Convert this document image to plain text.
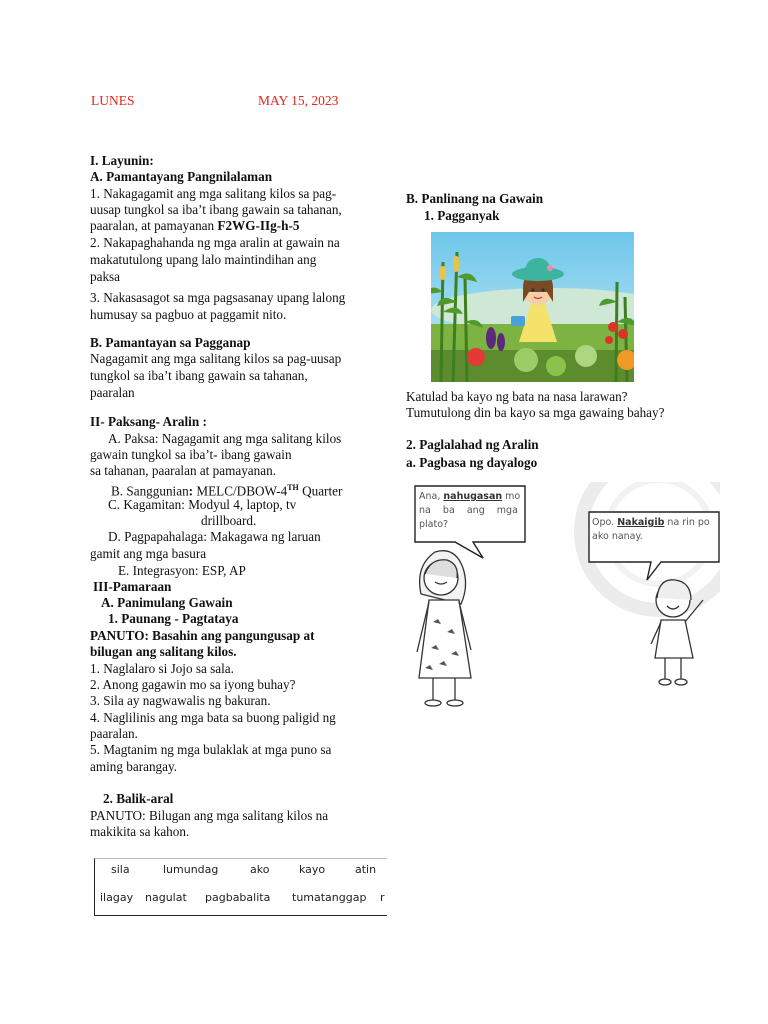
LUNES	MAY 15, 2023
I. Layunin:
A. Pamantayang Pangnilalaman
1. Nakagagamit ang mga salitang kilos sa pag-
uusap tungkol sa iba’t ibang gawain sa tahanan,
paaralan, at pamayanan F2WG-IIg-h-5
2. Nakapaghahanda ng mga aralin at gawain na
makatutulong upang lalo maintindihan ang
paksa
3. Nakasasagot sa mga pagsasanay upang lalong
humusay sa pagbuo at paggamit nito.
B. Pamantayan sa Pagganap
Nagagamit ang mga salitang kilos sa pag-uusap
tungkol sa iba’t ibang gawain sa tahanan,
paaralan
II- Paksang- Aralin :
A. Paksa: Nagagamit ang mga salitang kilos
gawain tungkol sa iba’t- ibang gawain
sa tahanan, paaralan at pamayanan.
B. Sanggunian: MELC/DBOW-4TH Quarter
C. Kagamitan: Modyul 4, laptop, tv
drillboard.
D. Pagpapahalaga: Makagawa ng laruan
gamit ang mga basura
E. Integrasyon: ESP, AP
III-Pamaraan
A. Panimulang Gawain
1. Paunang - Pagtataya
PANUTO: Basahin ang pangungusap at
bilugan ang salitang kilos.
1. Naglalaro si Jojo sa sala.
2. Anong gagawin mo sa iyong buhay?
3. Sila ay nagwawalis ng bakuran.
4. Naglilinis ang mga bata sa buong paligid ng
paaralan.
5. Magtanim ng mga bulaklak at mga puno sa
aming barangay.
2. Balik-aral
PANUTO: Bilugan ang mga salitang kilos na
makikita sa kahon.
sila	lumundag	ako	kayo	atin
ilagay nagulat pagbabalita tumatanggap r
B. Panlinang na Gawain
1. Pagganyak
Katulad ba kayo ng bata na nasa larawan?
Tumutulong din ba kayo sa mga gawaing bahay?
2. Paglalahad ng Aralin
a. Pagbasa ng dayalogo
Ana, nahugasan mo
na    ba    ang    mga
plato?	Opo. Nakaigib na rin po
ako nanay.
